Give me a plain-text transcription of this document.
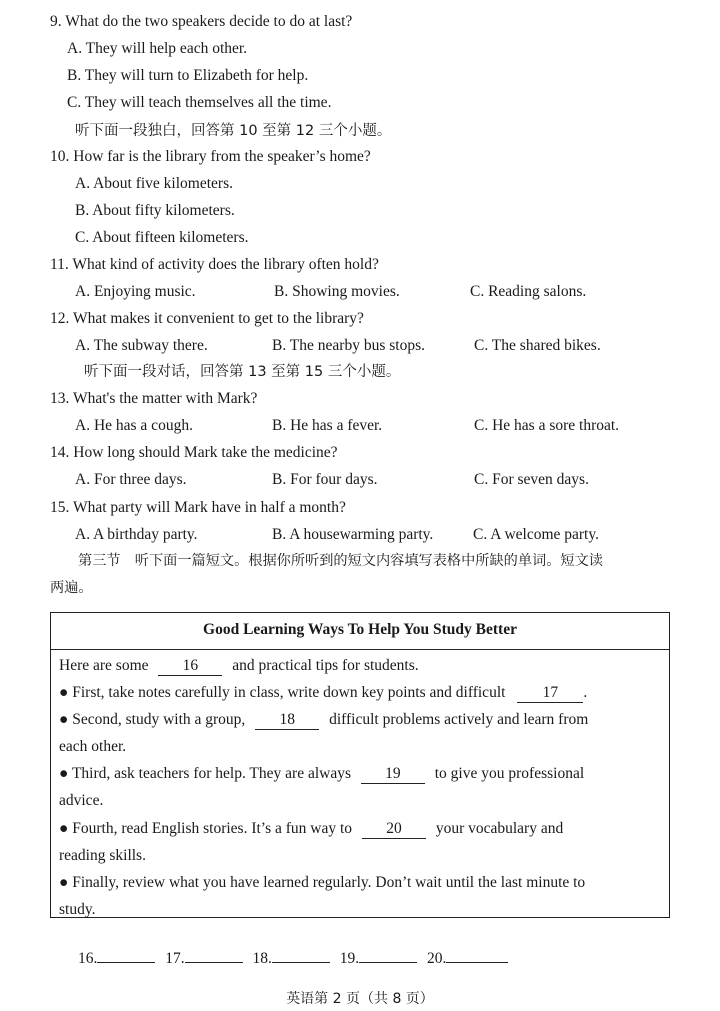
9. What do the two speakers decide to do at last?
A. They will help each other.
B. They will turn to Elizabeth for help.
C. They will teach themselves all the time.
听下面一段独白，回答第 10 至第 12 三个小题。
10. How far is the library from the speaker’s home?
A. About five kilometers.
B. About fifty kilometers.
C. About fifteen kilometers.
11. What kind of activity does the library often hold?
A. Enjoying music.	B. Showing movies.	C. Reading salons.
12. What makes it convenient to get to the library?
A. The subway there.	B. The nearby bus stops.	C. The shared bikes.
听下面一段对话，回答第 13 至第 15 三个小题。
13. What's the matter with Mark?
A. He has a cough.	B. He has a fever.	C. He has a sore throat.
14. How long should Mark take the medicine?
A. For three days.	B. For four days.	C. For seven days.
15. What party will Mark have in half a month?
A. A birthday party.	B. A housewarming party.	C. A welcome party.
第三节　听下面一篇短文。根据你所听到的短文内容填写表格中所缺的单词。短文读
两遍。
Good Learning Ways To Help You Study Better
Here are some 16 and practical tips for students.
● First, take notes carefully in class, write down key points and difficult 17 .
● Second, study with a group, 18 difficult problems actively and learn from
each other.
● Third, ask teachers for help. They are always 19 to give you professional
advice.
● Fourth, read English stories. It’s a fun way to 20 your vocabulary and
reading skills.
● Finally, review what you have learned regularly. Don’t wait until the last minute to
study.
16.	17.	18.	19.	20.
英语第 2 页（共 8 页）
